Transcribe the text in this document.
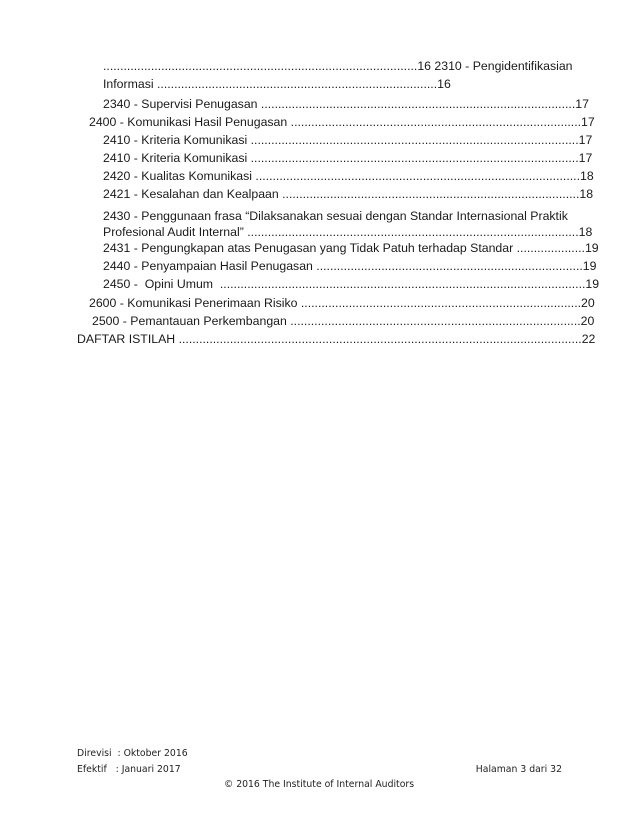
............................................................................................16 2310 - Pengidentifikasian
Informasi ..................................................................................16
2340 - Supervisi Penugasan ............................................................................................17
2400 - Komunikasi Hasil Penugasan .....................................................................................17
2410 - Kriteria Komunikasi ................................................................................................17
2410 - Kriteria Komunikasi ................................................................................................17
2420 - Kualitas Komunikasi ...............................................................................................18
2421 - Kesalahan dan Kealpaan .......................................................................................18
2430 - Penggunaan frasa “Dilaksanakan sesuai dengan Standar Internasional Praktik
Profesional Audit Internal” .................................................................................................18
2431 - Pengungkapan atas Penugasan yang Tidak Patuh terhadap Standar ....................19
2440 - Penyampaian Hasil Penugasan ..............................................................................19
2450 -  Opini Umum  ...........................................................................................................19
2600 - Komunikasi Penerimaan Risiko ..................................................................................20
2500 - Pemantauan Perkembangan .....................................................................................20
DAFTAR ISTILAH ......................................................................................................................22
Direvisi  : Oktober 2016
Efektif   : Januari 2017	Halaman 3 dari 32
© 2016 The Institute of Internal Auditors
